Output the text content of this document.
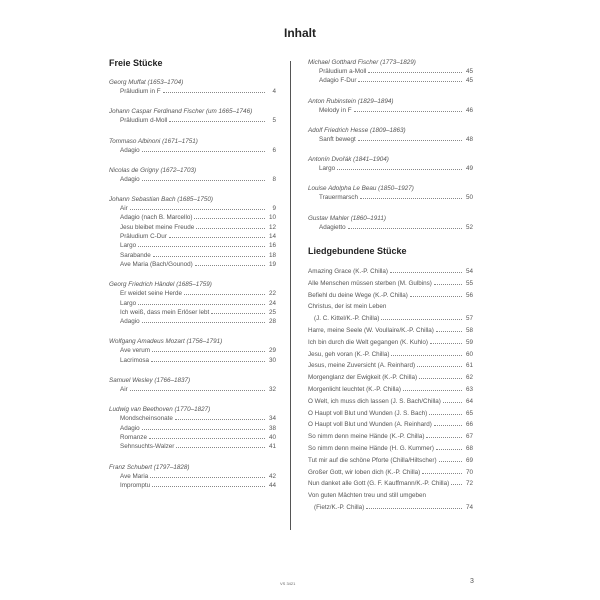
Inhalt
Freie Stücke
Georg Muffat (1653–1704)
Präludium in F	4
Johann Caspar Ferdinand Fischer (um 1665–1746)
Präludium d-Moll	5
Tommaso Albinoni (1671–1751)
Adagio	6
Nicolas de Grigny (1672–1703)
Adagio	8
Johann Sebastian Bach (1685–1750)
Air	9
Adagio (nach B. Marcello)	10
Jesu bleibet meine Freude	12
Präludium C-Dur	14
Largo	16
Sarabande	18
Ave Maria (Bach/Gounod)	19
Georg Friedrich Händel (1685–1759)
Er weidet seine Herde	22
Largo	24
Ich weiß, dass mein Erlöser lebt	25
Adagio	28
Wolfgang Amadeus Mozart (1756–1791)
Ave verum	29
Lacrimosa	30
Samuel Wesley (1766–1837)
Air	32
Ludwig van Beethoven (1770–1827)
Mondscheinsonate	34
Adagio	38
Romanze	40
Sehnsuchts-Walzer	41
Franz Schubert (1797–1828)
Ave Maria	42
Impromptu	44
Michael Gotthard Fischer (1773–1829)
Präludium a-Moll	45
Adagio F-Dur	45
Anton Rubinstein (1829–1894)
Melody in F	46
Adolf Friedrich Hesse (1809–1863)
Sanft bewegt	48
Antonín Dvořák (1841–1904)
Largo	49
Louise Adolpha Le Beau (1850–1927)
Trauermarsch	50
Gustav Mahler (1860–1911)
Adagietto	52
Liedgebundene Stücke
Amazing Grace (K.-P. Chilla)	54
Alle Menschen müssen sterben (M. Gulbins)	55
Befiehl du deine Wege (K.-P. Chilla)	56
Christus, der ist mein Leben
(J. C. Kittel/K.-P. Chilla)	57
Harre, meine Seele (W. Voullaire/K.-P. Chilla)	58
Ich bin durch die Welt gegangen (K. Kuhlo)	59
Jesu, geh voran (K.-P. Chilla)	60
Jesus, meine Zuversicht (A. Reinhard)	61
Morgenglanz der Ewigkeit (K.-P. Chilla)	62
Morgenlicht leuchtet (K.-P. Chilla)	63
O Welt, ich muss dich lassen (J. S. Bach/Chilla)	64
O Haupt voll Blut und Wunden (J. S. Bach)	65
O Haupt voll Blut und Wunden (A. Reinhard)	66
So nimm denn meine Hände (K.-P. Chilla)	67
So nimm denn meine Hände (H. G. Kummer)	68
Tut mir auf die schöne Pforte (Chilla/Hiltscher)	69
Großer Gott, wir loben dich (K.-P. Chilla)	70
Nun danket alle Gott (G. F. Kauffmann/K.-P. Chilla)	72
Von guten Mächten treu und still umgeben
(Fietz/K.-P. Chilla)	74
VS 3421	3
